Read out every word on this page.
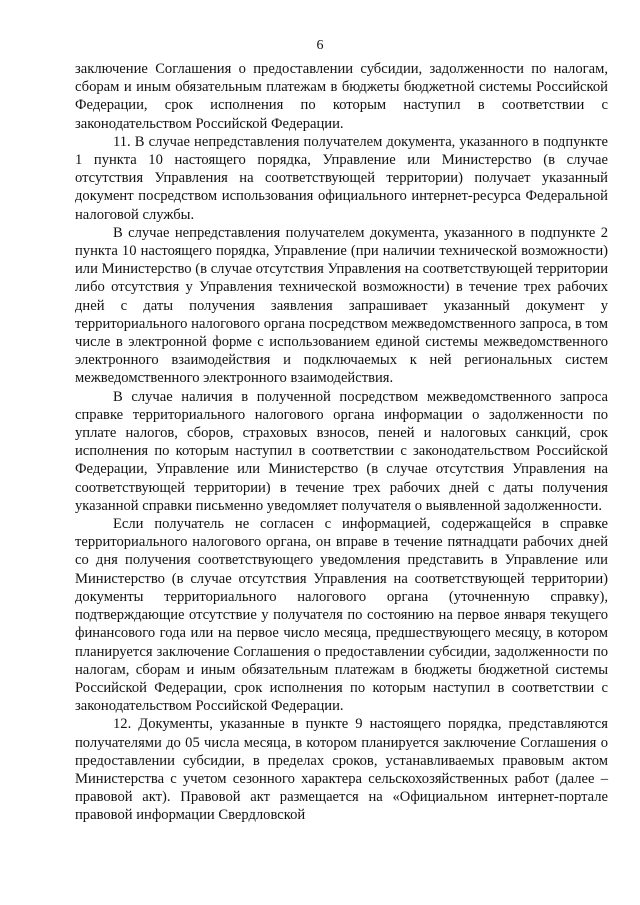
6

заключение Соглашения о предоставлении субсидии, задолженности по налогам, сборам и иным обязательным платежам в бюджеты бюджетной системы Российской Федерации, срок исполнения по которым наступил в соответствии с законодательством Российской Федерации.

11. В случае непредставления получателем документа, указанного в подпункте 1 пункта 10 настоящего порядка, Управление или Министерство (в случае отсутствия Управления на соответствующей территории) получает указанный документ посредством использования официального интернет-ресурса Федеральной налоговой службы.

В случае непредставления получателем документа, указанного в подпункте 2 пункта 10 настоящего порядка, Управление (при наличии технической возможности) или Министерство (в случае отсутствия Управления на соответствующей территории либо отсутствия у Управления технической возможности) в течение трех рабочих дней с даты получения заявления запрашивает указанный документ у территориального налогового органа посредством межведомственного запроса, в том числе в электронной форме с использованием единой системы межведомственного электронного взаимодействия и подключаемых к ней региональных систем межведомственного электронного взаимодействия.

В случае наличия в полученной посредством межведомственного запроса справке территориального налогового органа информации о задолженности по уплате налогов, сборов, страховых взносов, пеней и налоговых санкций, срок исполнения по которым наступил в соответствии с законодательством Российской Федерации, Управление или Министерство (в случае отсутствия Управления на соответствующей территории) в течение трех рабочих дней с даты получения указанной справки письменно уведомляет получателя о выявленной задолженности.

Если получатель не согласен с информацией, содержащейся в справке территориального налогового органа, он вправе в течение пятнадцати рабочих дней со дня получения соответствующего уведомления представить в Управление или Министерство (в случае отсутствия Управления на соответствующей территории) документы территориального налогового органа (уточненную справку), подтверждающие отсутствие у получателя по состоянию на первое января текущего финансового года или на первое число месяца, предшествующего месяцу, в котором планируется заключение Соглашения о предоставлении субсидии, задолженности по налогам, сборам и иным обязательным платежам в бюджеты бюджетной системы Российской Федерации, срок исполнения по которым наступил в соответствии с законодательством Российской Федерации.

12. Документы, указанные в пункте 9 настоящего порядка, представляются получателями до 05 числа месяца, в котором планируется заключение Соглашения о предоставлении субсидии, в пределах сроков, устанавливаемых правовым актом Министерства с учетом сезонного характера сельскохозяйственных работ (далее – правовой акт). Правовой акт размещается на «Официальном интернет-портале правовой информации Свердловской
